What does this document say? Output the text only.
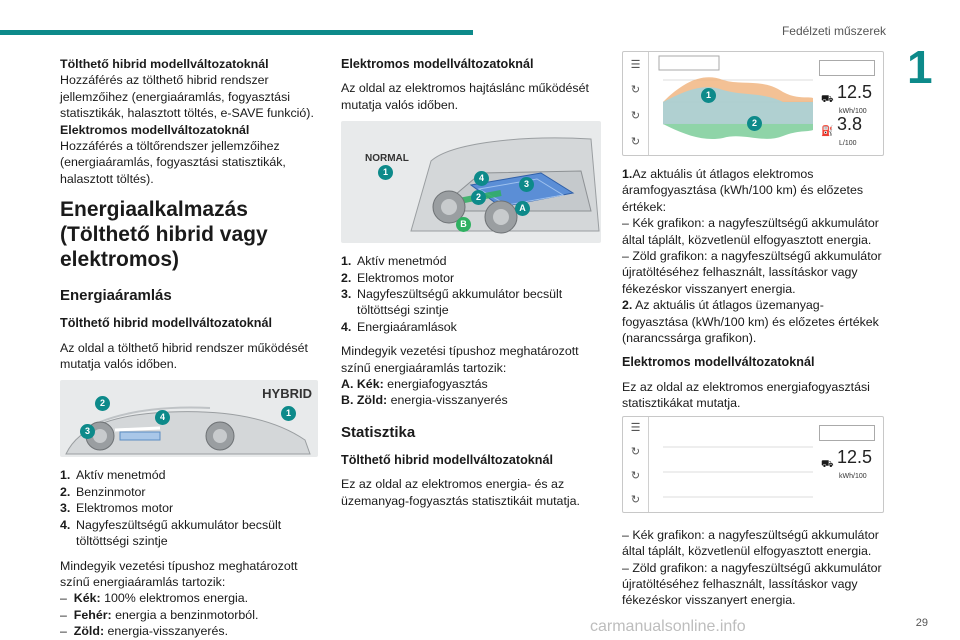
Fedélzeti műszerek
1
Tölthető hibrid modellváltozatoknál
Hozzáférés az tölthető hibrid rendszer jellemzőihez (energiaáramlás, fogyasztási statisztikák, halasztott töltés, e-SAVE funkció).
Elektromos modellváltozatoknál
Hozzáférés a töltőrendszer jellemzőihez (energiaáramlás, fogyasztási statisztikák, halasztott töltés).
Energiaalkalmazás (Tölthető hibrid vagy elektromos)
Energiaáramlás
Tölthető hibrid modellváltozatoknál
Az oldal a tölthető hibrid rendszer működését mutatja valós időben.
HYBRID
1
2
3
4
1. Aktív menetmód
2. Benzinmotor
3. Elektromos motor
4. Nagyfeszültségű akkumulátor becsült töltöttségi szintje
Mindegyik vezetési típushoz meghatározott színű energiaáramlás tartozik:
– Kék: 100% elektromos energia.
– Fehér: energia a benzinmotorból.
– Zöld: energia-visszanyerés.
Elektromos modellváltozatoknál
Az oldal az elektromos hajtáslánc működését mutatja valós időben.
NORMAL
1
2
3
4
A
B
1. Aktív menetmód
2. Elektromos motor
3. Nagyfeszültségű akkumulátor becsült töltöttségi szintje
4. Energiaáramlások
Mindegyik vezetési típushoz meghatározott színű energiaáramlás tartozik:
A. Kék: energiafogyasztás
B. Zöld: energia-visszanyerés
Statisztika
Tölthető hibrid modellváltozatoknál
Ez az oldal az elektromos energia- és az üzemanyag-fogyasztás statisztikáit mutatja.
☰
↻
↻
↻
1
2
⛟ 12.5
kWh/100
⛽ 3.8
L/100
1.Az aktuális út átlagos elektromos áramfogyasztása (kWh/100 km) és előzetes értékek:
– Kék grafikon: a nagyfeszültségű akkumulátor által táplált, közvetlenül elfogyasztott energia.
– Zöld grafikon: a nagyfeszültségű akkumulátor újratöltéséhez felhasznált, lassításkor vagy fékezéskor visszanyert energia.
2. Az aktuális út átlagos üzemanyag-fogyasztása (kWh/100 km) és előzetes értékek (narancssárga grafikon).
Elektromos modellváltozatoknál
Ez az oldal az elektromos energiafogyasztási statisztikákat mutatja.
☰
↻
↻
↻
⛟ 12.5
kWh/100
– Kék grafikon: a nagyfeszültségű akkumulátor által táplált, közvetlenül elfogyasztott energia.
– Zöld grafikon: a nagyfeszültségű akkumulátor újratöltéséhez felhasznált, lassításkor vagy fékezéskor visszanyert energia.
carmanualsonline.info	29
